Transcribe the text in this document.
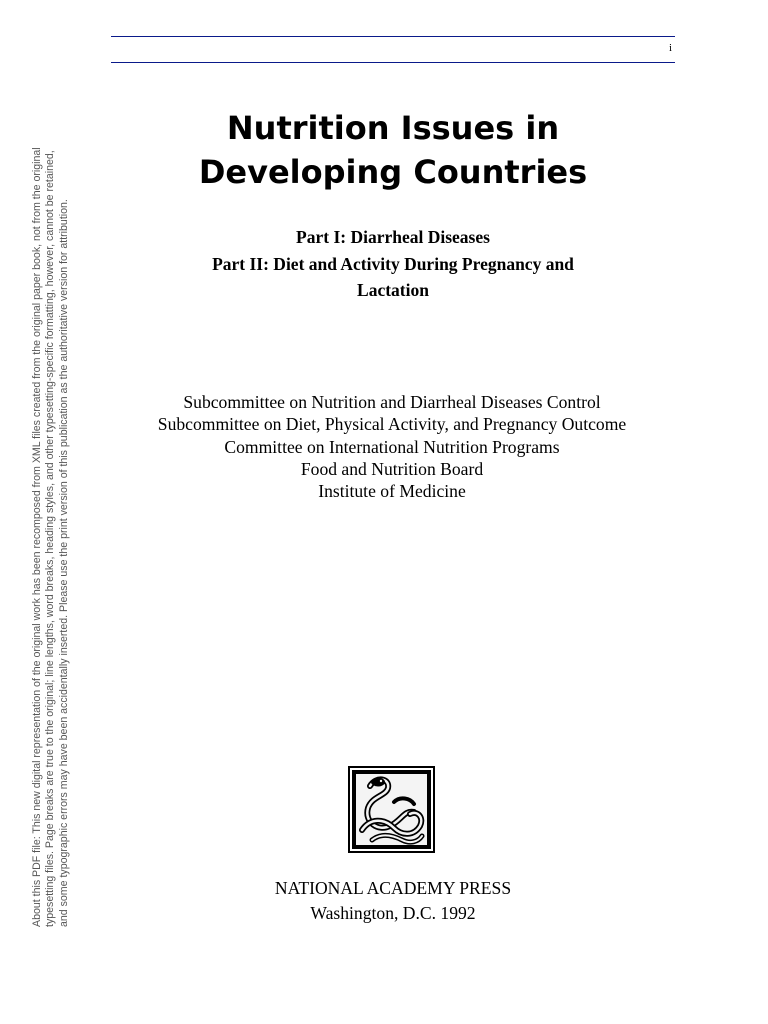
About this PDF file: This new digital representation of the original work has been recomposed from XML files created from the original paper book, not from the original typesetting files. Page breaks are true to the original; line lengths, word breaks, heading styles, and other typesetting-specific formatting, however, cannot be retained, and some typographic errors may have been accidentally inserted. Please use the print version of this publication as the authoritative version for attribution.
i
Nutrition Issues in
Developing Countries
Part I: Diarrheal Diseases
Part II: Diet and Activity During Pregnancy and
Lactation
Subcommittee on Nutrition and Diarrheal Diseases Control
Subcommittee on Diet, Physical Activity, and Pregnancy Outcome
Committee on International Nutrition Programs
Food and Nutrition Board
Institute of Medicine
NATIONAL ACADEMY PRESS
Washington, D.C. 1992
